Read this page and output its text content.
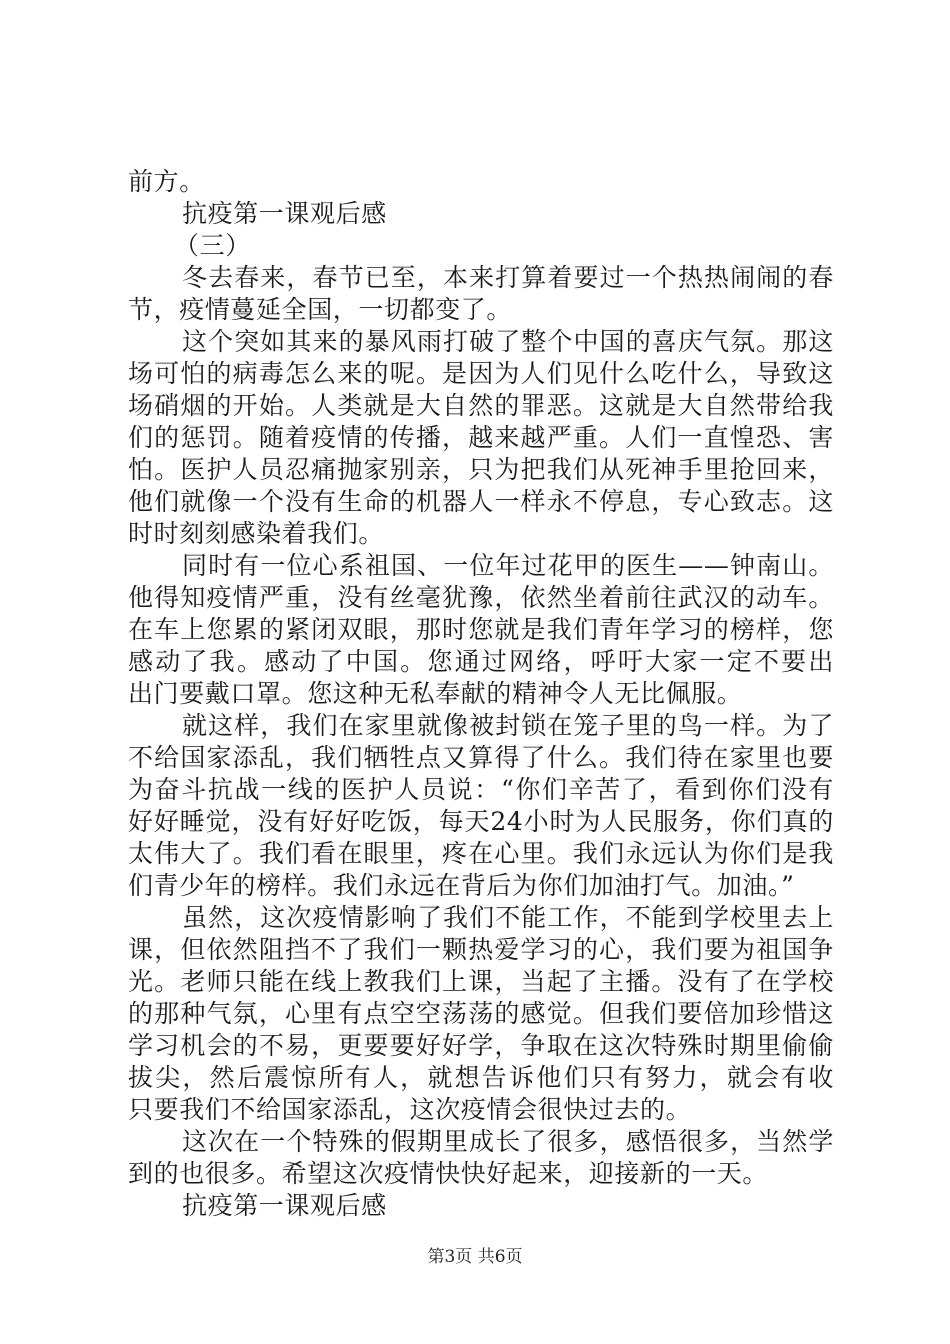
前方。
抗疫第一课观后感
（三）
冬去春来，春节已至，本来打算着要过一个热热闹闹的春
节，疫情蔓延全国，一切都变了。
这个突如其来的暴风雨打破了整个中国的喜庆气氛。那这
场可怕的病毒怎么来的呢。是因为人们见什么吃什么，导致这
场硝烟的开始。人类就是大自然的罪恶。这就是大自然带给我
们的惩罚。随着疫情的传播，越来越严重。人们一直惶恐、害
怕。医护人员忍痛抛家别亲，只为把我们从死神手里抢回来，
他们就像一个没有生命的机器人一样永不停息，专心致志。这
时时刻刻感染着我们。
同时有一位心系祖国、一位年过花甲的医生——钟南山。
他得知疫情严重，没有丝毫犹豫，依然坐着前往武汉的动车。
在车上您累的紧闭双眼，那时您就是我们青年学习的榜样，您
感动了我。感动了中国。您通过网络，呼吁大家一定不要出
出门要戴口罩。您这种无私奉献的精神令人无比佩服。
就这样，我们在家里就像被封锁在笼子里的鸟一样。为了
不给国家添乱，我们牺牲点又算得了什么。我们待在家里也要
为奋斗抗战一线的医护人员说：“你们辛苦了，看到你们没有
好好睡觉，没有好好吃饭，每天24小时为人民服务，你们真的
太伟大了。我们看在眼里，疼在心里。我们永远认为你们是我
们青少年的榜样。我们永远在背后为你们加油打气。加油。”
虽然，这次疫情影响了我们不能工作，不能到学校里去上
课，但依然阻挡不了我们一颗热爱学习的心，我们要为祖国争
光。老师只能在线上教我们上课，当起了主播。没有了在学校
的那种气氛，心里有点空空荡荡的感觉。但我们要倍加珍惜这
学习机会的不易，更要要好好学，争取在这次特殊时期里偷偷
拔尖，然后震惊所有人，就想告诉他们只有努力，就会有收
只要我们不给国家添乱，这次疫情会很快过去的。
这次在一个特殊的假期里成长了很多，感悟很多，当然学
到的也很多。希望这次疫情快快好起来，迎接新的一天。
抗疫第一课观后感
第3页 共6页
